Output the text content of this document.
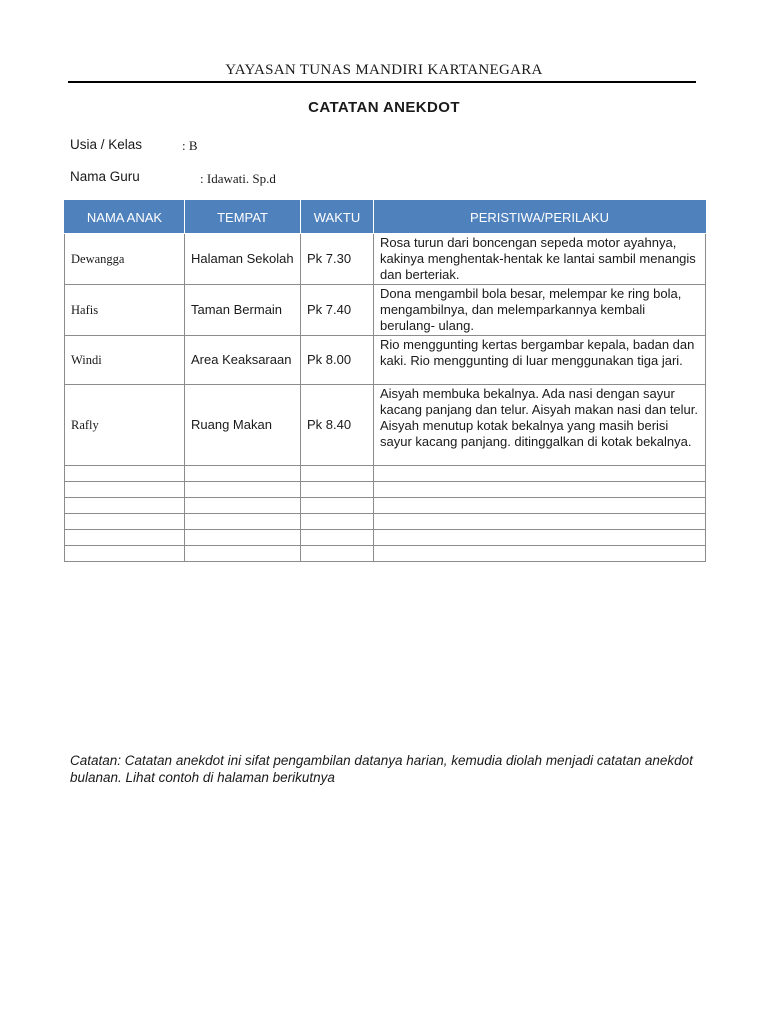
YAYASAN TUNAS MANDIRI KARTANEGARA
CATATAN ANEKDOT
Usia / Kelas	: B
Nama Guru	: Idawati. Sp.d
NAMA ANAK	TEMPAT	WAKTU	PERISTIWA/PERILAKU
Dewangga	Halaman Sekolah	Pk 7.30	Rosa turun dari boncengan sepeda motor ayahnya, kakinya menghentak-hentak ke lantai sambil menangis dan berteriak.
Hafis	Taman Bermain	Pk 7.40	Dona mengambil bola besar, melempar ke ring bola, mengambilnya, dan melemparkannya kembali berulang- ulang.
Windi	Area Keaksaraan	Pk 8.00	Rio menggunting kertas bergambar kepala, badan dan kaki. Rio menggunting di luar menggunakan tiga jari.
Rafly	Ruang Makan	Pk 8.40	Aisyah membuka bekalnya. Ada nasi dengan sayur kacang panjang dan telur. Aisyah makan nasi dan telur. Aisyah menutup kotak bekalnya yang masih berisi sayur kacang panjang. ditinggalkan di kotak bekalnya.

Catatan: Catatan anekdot ini sifat pengambilan datanya harian, kemudia diolah menjadi catatan anekdot bulanan. Lihat contoh di halaman berikutnya
